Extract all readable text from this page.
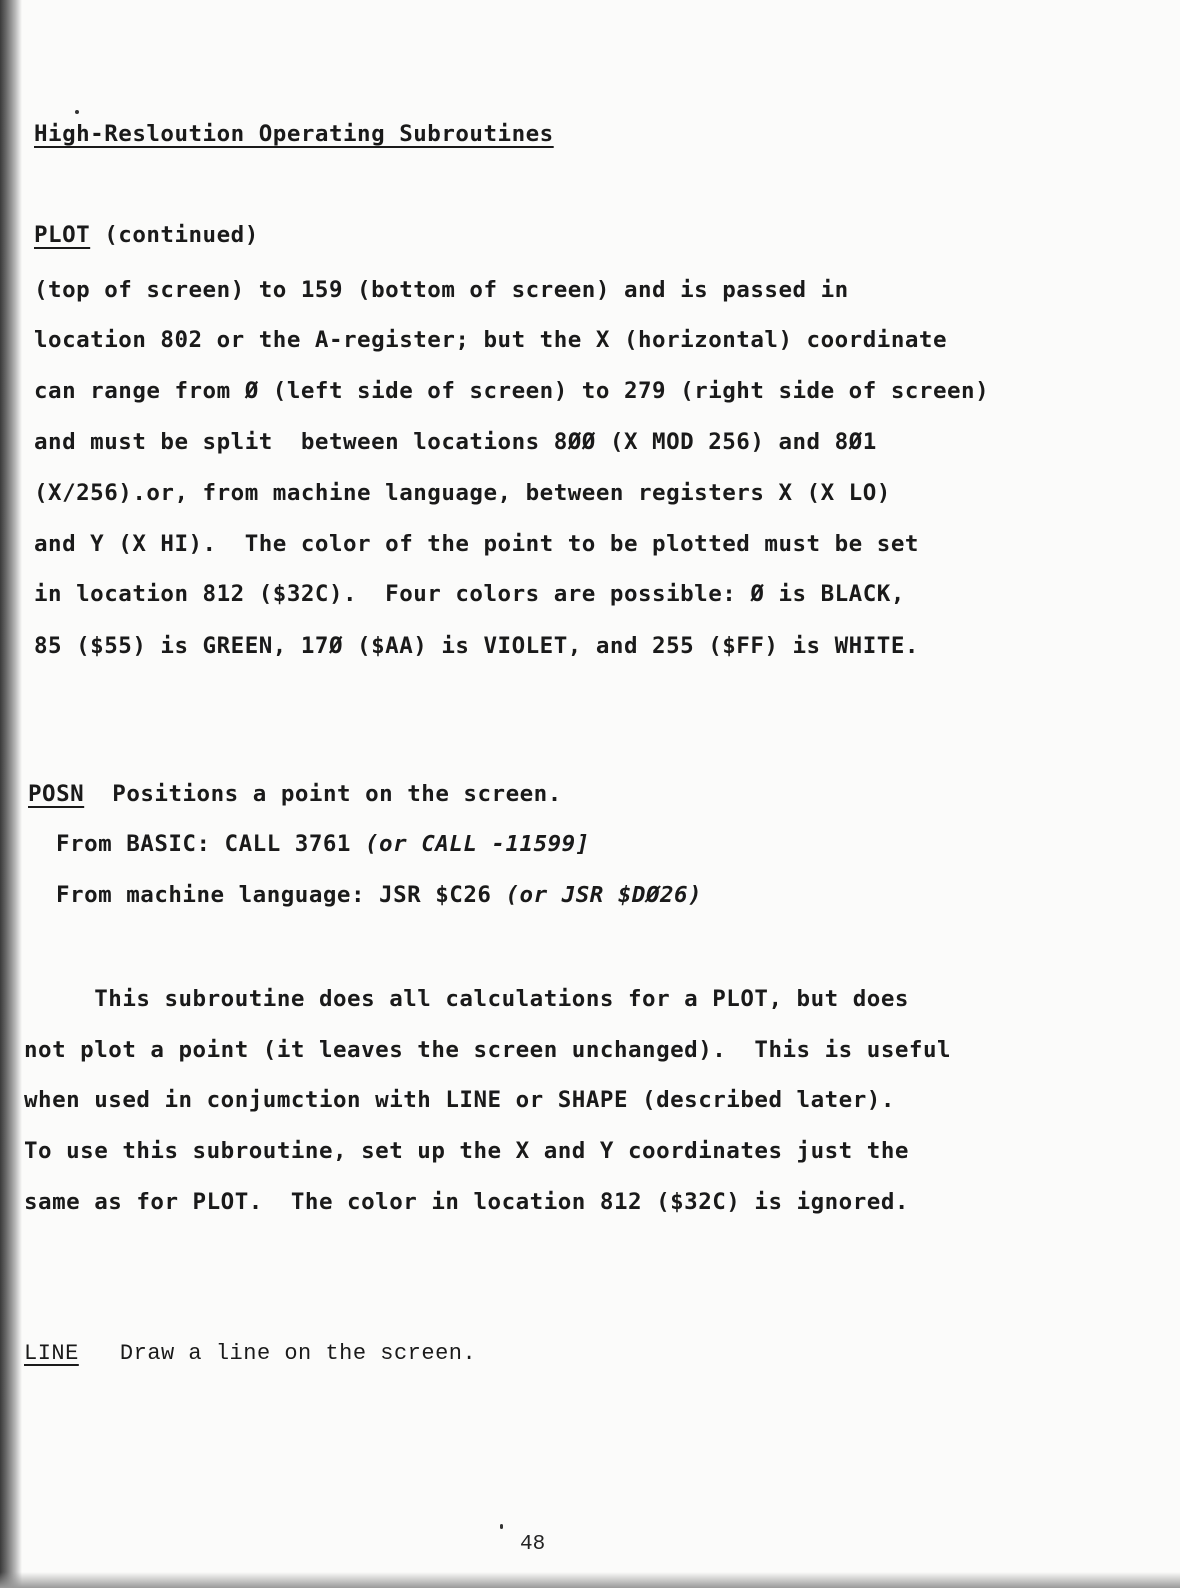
High-Resloution Operating Subroutines
PLOT (continued)
(top of screen) to 159 (bottom of screen) and is passed in
location 802 or the A-register; but the X (horizontal) coordinate
can range from Ø (left side of screen) to 279 (right side of screen)
and must be split  between locations 8ØØ (X MOD 256) and 8Ø1
(X/256).or, from machine language, between registers X (X LO)
and Y (X HI).  The color of the point to be plotted must be set
in location 812 ($32C).  Four colors are possible: Ø is BLACK,
85 ($55) is GREEN, 17Ø ($AA) is VIOLET, and 255 ($FF) is WHITE.
POSN  Positions a point on the screen.
From BASIC: CALL 3761 (or CALL -11599]
From machine language: JSR $C26 (or JSR $DØ26)
This subroutine does all calculations for a PLOT, but does
not plot a point (it leaves the screen unchanged).  This is useful
when used in conjumction with LINE or SHAPE (described later).
To use this subroutine, set up the X and Y coordinates just the
same as for PLOT.  The color in location 812 ($32C) is ignored.
LINE   Draw a line on the screen.
48
